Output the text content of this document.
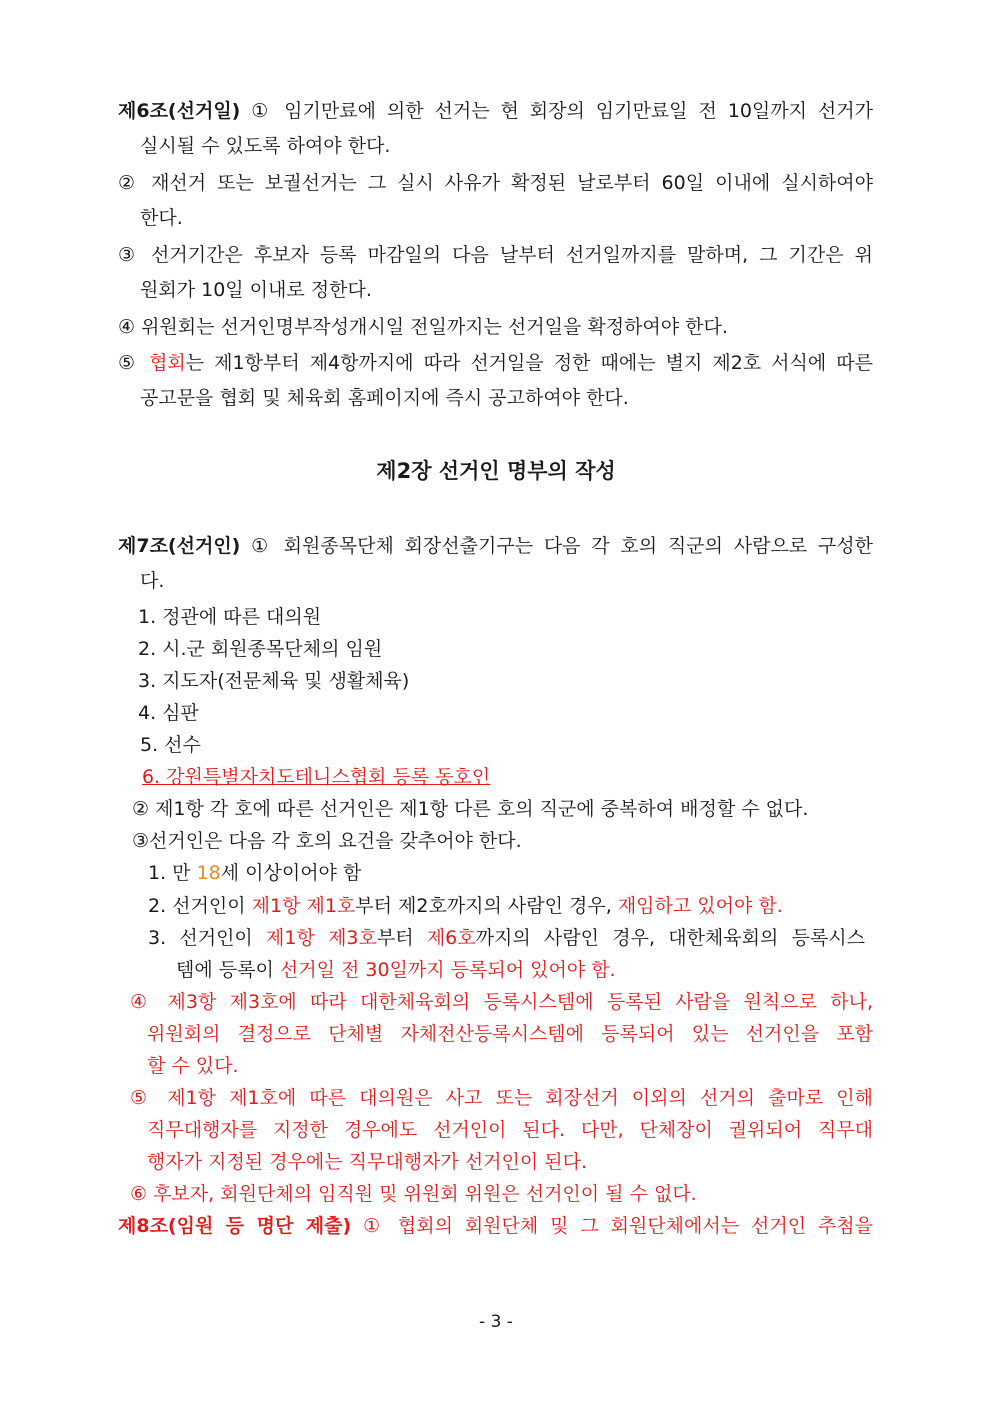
제6조(선거일) ① 임기만료에 의한 선거는 현 회장의 임기만료일 전 10일까지 선거가
실시될 수 있도록 하여야 한다.
② 재선거 또는 보궐선거는 그 실시 사유가 확정된 날로부터 60일 이내에 실시하여야
한다.
③ 선거기간은 후보자 등록 마감일의 다음 날부터 선거일까지를 말하며, 그 기간은 위
원회가 10일 이내로 정한다.
④ 위원회는 선거인명부작성개시일 전일까지는 선거일을 확정하여야 한다.
⑤ 협회는 제1항부터 제4항까지에 따라 선거일을 정한 때에는 별지 제2호 서식에 따른
공고문을 협회 및 체육회 홈페이지에 즉시 공고하여야 한다.
제2장 선거인 명부의 작성
제7조(선거인) ① 회원종목단체 회장선출기구는 다음 각 호의 직군의 사람으로 구성한
다.
1. 정관에 따른 대의원
2. 시.군 회원종목단체의 임원
3. 지도자(전문체육 및 생활체육)
4. 심판
5. 선수
6. 강원특별자치도테니스협회 등록 동호인
② 제1항 각 호에 따른 선거인은 제1항 다른 호의 직군에 중복하여 배정할 수 없다.
③선거인은 다음 각 호의 요건을 갖추어야 한다.
1. 만 18세 이상이어야 함
2. 선거인이 제1항 제1호부터 제2호까지의 사람인 경우, 재임하고 있어야 함.
3. 선거인이 제1항 제3호부터 제6호까지의 사람인 경우, 대한체육회의 등록시스
템에 등록이 선거일 전 30일까지 등록되어 있어야 함.
④ 제3항 제3호에 따라 대한체육회의 등록시스템에 등록된 사람을 원칙으로 하나,
위원회의 결정으로 단체별 자체전산등록시스템에 등록되어 있는 선거인을 포함
할 수 있다.
⑤ 제1항 제1호에 따른 대의원은 사고 또는 회장선거 이외의 선거의 출마로 인해
직무대행자를 지정한 경우에도 선거인이 된다. 다만, 단체장이 궐위되어 직무대
행자가 지정된 경우에는 직무대행자가 선거인이 된다.
⑥ 후보자, 회원단체의 임직원 및 위원회 위원은 선거인이 될 수 없다.
제8조(임원 등 명단 제출) ① 협회의 회원단체 및 그 회원단체에서는 선거인 추첨을
- 3 -
